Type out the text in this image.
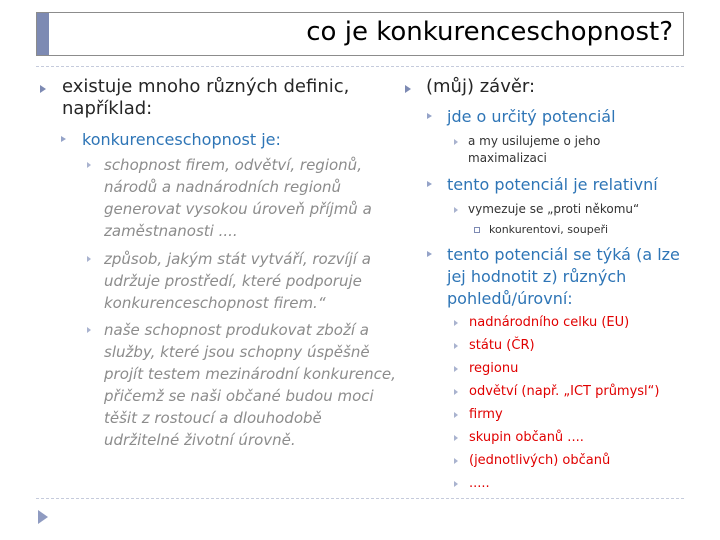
co je konkurenceschopnost?
existuje mnoho různých definic, například:
konkurenceschopnost je:
schopnost firem, odvětví, regionů, národů a nadnárodních regionů generovat vysokou úroveň příjmů a zaměstnanosti ....
způsob, jakým stát vytváří, rozvíjí a udržuje prostředí, které podporuje konkurenceschopnost firem.“
naše schopnost produkovat zboží a služby, které jsou schopny úspěšně projít testem mezinárodní konkurence, přičemž se naši občané budou moci těšit z rostoucí a dlouhodobě udržitelné životní úrovně.
(můj) závěr:
jde o určitý potenciál
a my usilujeme o jeho maximalizaci
tento potenciál je relativní
vymezuje se „proti někomu“
konkurentovi, soupeři
tento potenciál se týká (a lze jej hodnotit z) různých pohledů/úrovní:
nadnárodního celku (EU)
státu (ČR)
regionu
odvětví (např. „ICT průmysl“)
firmy
skupin občanů ....
(jednotlivých) občanů
.....
